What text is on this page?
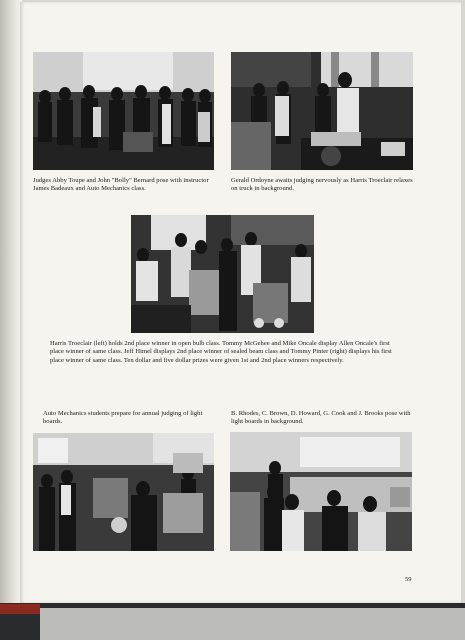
Judges Abby Toupe and John "Bolly" Bernard pose with instructor James Badeaux and Auto Mechanics class.

Gerald Ordoyne awaits judging nervously as Harris Troeclair relaxes on truck in background.

Harris Troeclair (left) holds 2nd place winner in open bulb class. Tommy McGehee and Mike Oncale display Allen Oncale's first place winner of same class. Jeff Himel displays 2nd place winner of sealed beam class and Tommy Pinter (right) displays his first place winner of same class. Ten dollar and five dollar prizes were given 1st and 2nd place winners respectively.

Auto Mechanics students prepare for annual judging of light boards.

B. Rhodes, C. Brown, D. Howard, G. Cook and J. Brooks pose with light boards in background.

59
